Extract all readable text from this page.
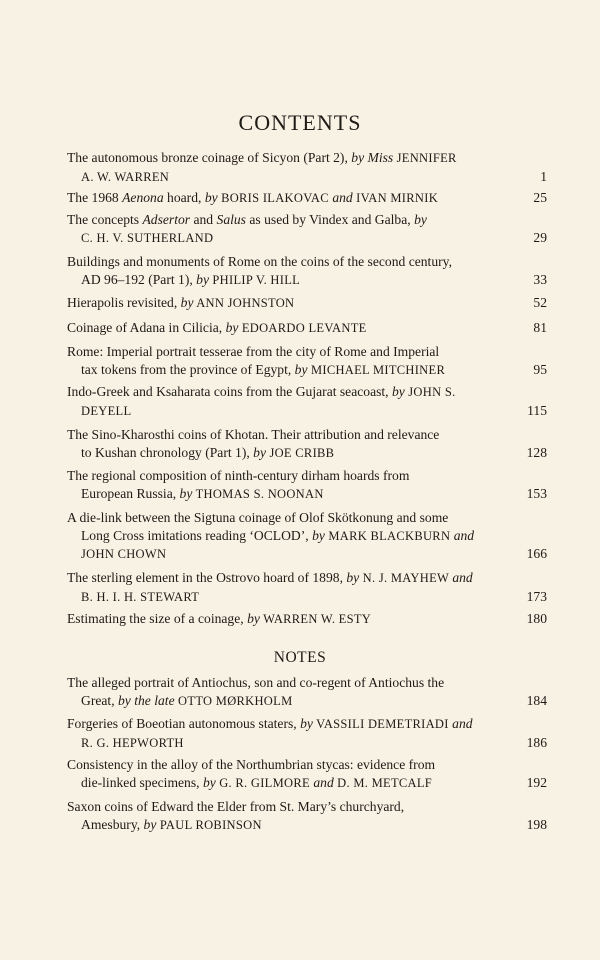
CONTENTS
The autonomous bronze coinage of Sicyon (Part 2), by Miss JENNIFER
A. W. WARREN	1
The 1968 Aenona hoard, by BORIS ILAKOVAC and IVAN MIRNIK	25
The concepts Adsertor and Salus as used by Vindex and Galba, by
C. H. V. SUTHERLAND	29
Buildings and monuments of Rome on the coins of the second century,
AD 96–192 (Part 1), by PHILIP V. HILL	33
Hierapolis revisited, by ANN JOHNSTON	52
Coinage of Adana in Cilicia, by EDOARDO LEVANTE	81
Rome: Imperial portrait tesserae from the city of Rome and Imperial
tax tokens from the province of Egypt, by MICHAEL MITCHINER	95
Indo-Greek and Ksaharata coins from the Gujarat seacoast, by JOHN S.
DEYELL	115
The Sino-Kharosthi coins of Khotan. Their attribution and relevance
to Kushan chronology (Part 1), by JOE CRIBB	128
The regional composition of ninth-century dirham hoards from
European Russia, by THOMAS S. NOONAN	153
A die-link between the Sigtuna coinage of Olof Skötkonung and some
Long Cross imitations reading ‘OCLOD’, by MARK BLACKBURN and
JOHN CHOWN	166
The sterling element in the Ostrovo hoard of 1898, by N. J. MAYHEW and
B. H. I. H. STEWART	173
Estimating the size of a coinage, by WARREN W. ESTY	180
NOTES
The alleged portrait of Antiochus, son and co-regent of Antiochus the
Great, by the late OTTO MØRKHOLM	184
Forgeries of Boeotian autonomous staters, by VASSILI DEMETRIADI and
R. G. HEPWORTH	186
Consistency in the alloy of the Northumbrian stycas: evidence from
die-linked specimens, by G. R. GILMORE and D. M. METCALF	192
Saxon coins of Edward the Elder from St. Mary’s churchyard,
Amesbury, by PAUL ROBINSON	198
